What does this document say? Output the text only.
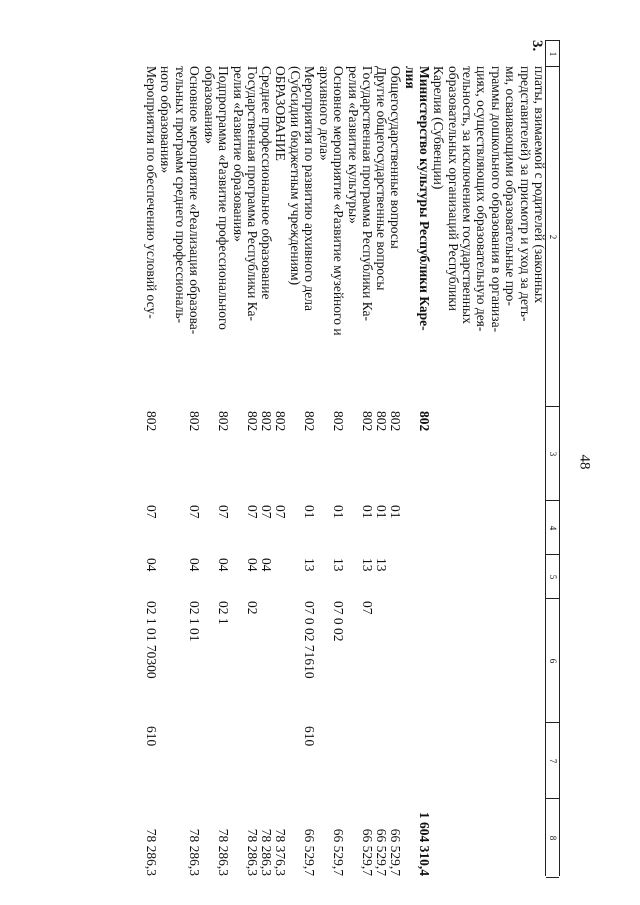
48
3.
2
3
4
5
6
7
8
1
платы, взимаемой с родителей (законных
представителей) за присмотр и уход за деть-
ми, осваивающими образовательные про-
граммы дошкольного образования в организа-
циях, осуществляющих образовательную дея-
тельность, за исключением государственных
образовательных организаций Республики
Карелия (Субвенции)
Министерство культуры Республики Каре-
лия
802
1 604 310,4
Общегосударственные вопросы
802
01
66 529,7
Другие общегосударственные вопросы
802
01
13
66 529,7
Государственная программа Республики Ка-
релия «Развитие культуры»
802
01
13
07
66 529,7
Основное мероприятие «Развитие музейного и
архивного дела»
802
01
13
07 0 02
66 529,7
Мероприятия по развитию архивного дела
(Субсидии бюджетным учреждениям)
802
01
13
07 0 02 71610
610
66 529,7
ОБРАЗОВАНИЕ
802
07
78 376,3
Среднее профессиональное образование
802
07
04
78 286,3
Государственная программа Республики Ка-
релия «Развитие образования»
802
07
04
02
78 286,3
Подпрограмма «Развитие профессионального
образования»
802
07
04
02 1
78 286,3
Основное мероприятие «Реализация образова-
тельных программ среднего профессиональ-
ного образования»
802
07
04
02 1 01
78 286,3
Мероприятия по обеспечению условий осу-
802
07
04
02 1 01 70300
610
78 286,3
